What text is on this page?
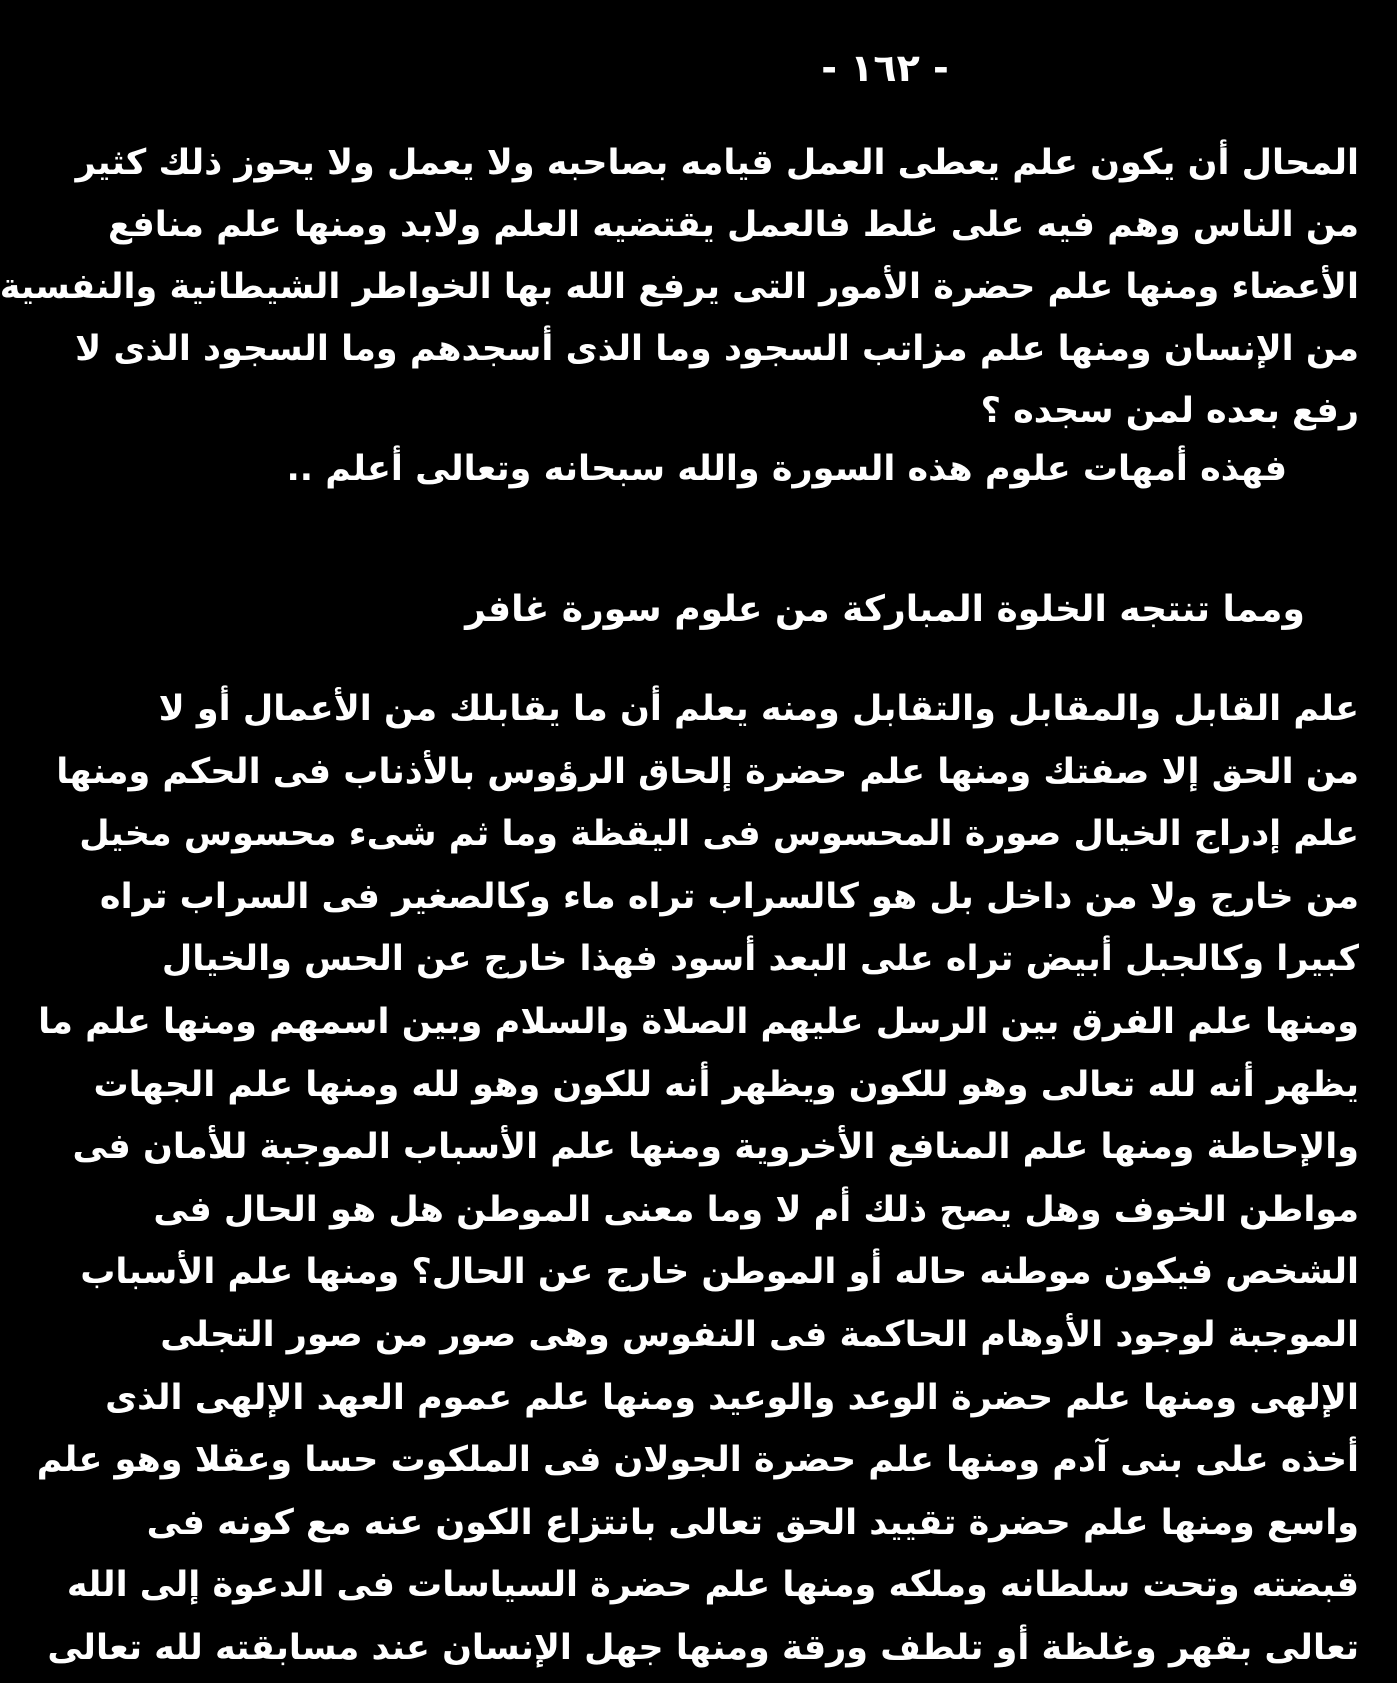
- ١٦٢ -
المحال أن يكون علم يعطى العمل قيامه بصاحبه ولا يعمل ولا يحوز ذلك كثير
من الناس وهم فيه على غلط فالعمل يقتضيه العلم ولابد ومنها علم منافع
الأعضاء ومنها علم حضرة الأمور التى يرفع الله بها الخواطر الشيطانية والنفسية
من الإنسان ومنها علم مزاتب السجود وما الذى أسجدهم وما السجود الذى لا
رفع بعده لمن سجده ؟
فهذه أمهات علوم هذه السورة والله سبحانه وتعالى أعلم ..
ومما تنتجه الخلوة المباركة من علوم سورة غافر
علم القابل والمقابل والتقابل ومنه يعلم أن ما يقابلك من الأعمال أو لا
من الحق إلا صفتك ومنها علم حضرة إلحاق الرؤوس بالأذناب فى الحكم ومنها
علم إدراج الخيال صورة المحسوس فى اليقظة وما ثم شىء محسوس مخيل
من خارج ولا من داخل بل هو كالسراب تراه ماء وكالصغير فى السراب تراه
كبيرا وكالجبل أبيض تراه على البعد أسود فهذا خارج عن الحس والخيال
ومنها علم الفرق بين الرسل عليهم الصلاة والسلام وبين اسمهم ومنها علم ما
يظهر أنه لله تعالى وهو للكون ويظهر أنه للكون وهو لله ومنها علم الجهات
والإحاطة ومنها علم المنافع الأخروية ومنها علم الأسباب الموجبة للأمان فى
مواطن الخوف وهل يصح ذلك أم لا وما معنى الموطن هل هو الحال فى
الشخص فيكون موطنه حاله أو الموطن خارج عن الحال؟ ومنها علم الأسباب
الموجبة لوجود الأوهام الحاكمة فى النفوس وهى صور من صور التجلى
الإلهى ومنها علم حضرة الوعد والوعيد ومنها علم عموم العهد الإلهى الذى
أخذه على بنى آدم ومنها علم حضرة الجولان فى الملكوت حسا وعقلا وهو علم
واسع ومنها علم حضرة تقييد الحق تعالى بانتزاع الكون عنه مع كونه فى
قبضته وتحت سلطانه وملكه ومنها علم حضرة السياسات فى الدعوة إلى الله
تعالى بقهر وغلظة أو تلطف ورقة ومنها جهل الإنسان عند مسابقته لله تعالى
